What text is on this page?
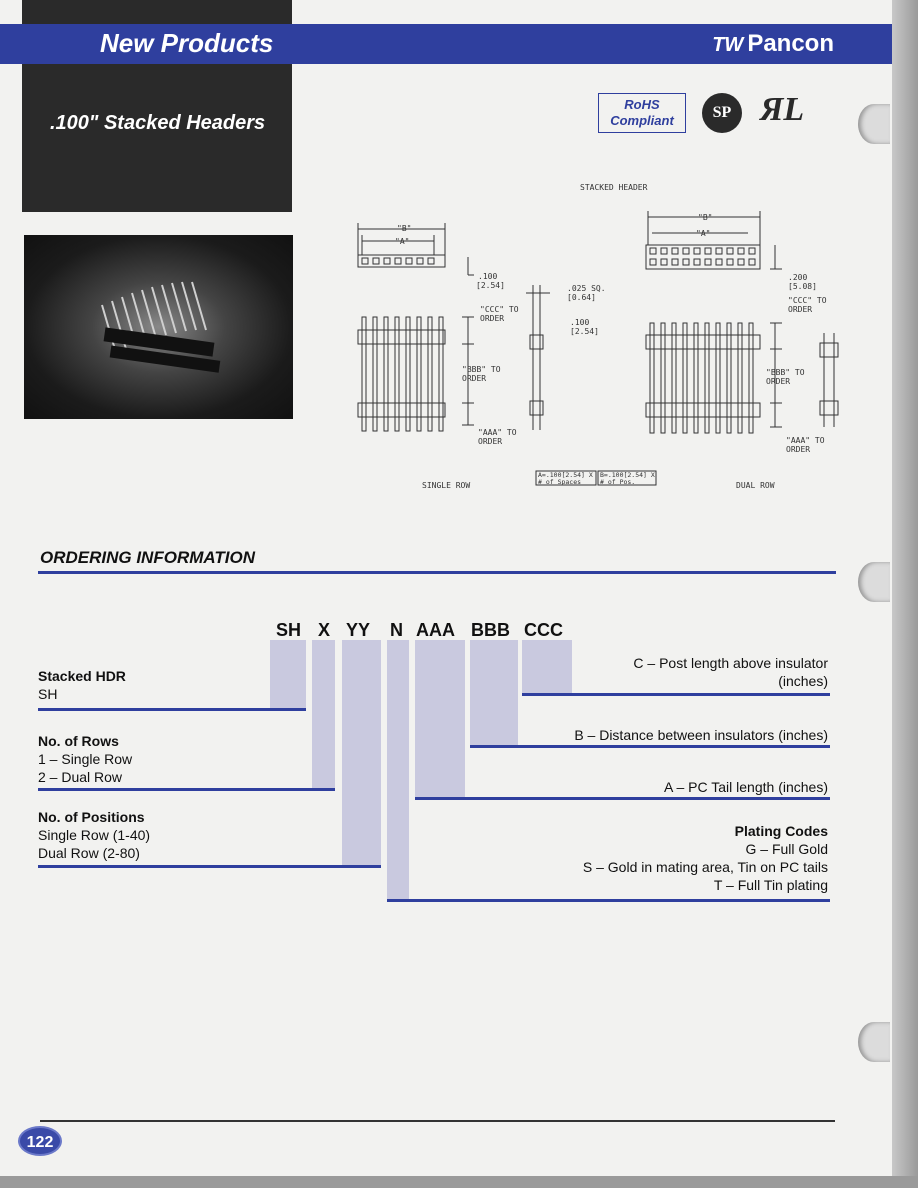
.100" Stacked Headers
New Products	TW Pancon
RoHS Compliant	SP ЯL
STACKED HEADER
"B"
"A"
.100
[2.54]	.025 SQ.
[0.64]
"CCC" TO ORDER	.100
[2.54]
"BBB" TO ORDER
"AAA" TO ORDER
"B"
"A"
.200
[5.08]
"CCC" TO ORDER
"BBB" TO ORDER
"AAA" TO ORDER
A=.100[2.54] X # of Spaces
B=.100[2.54] X # of Pos.
SINGLE ROW	DUAL ROW
ORDERING INFORMATION
SH X YY N AAA BBB CCC
Stacked HDR
SH
No. of Rows
1 – Single Row
2 – Dual Row
No. of Positions
Single Row (1-40)
Dual Row (2-80)
C – Post length above insulator
(inches)
B – Distance between insulators (inches)
A – PC Tail length (inches)
Plating Codes
G – Full Gold
S – Gold in mating area, Tin on PC tails
T – Full Tin plating
122
